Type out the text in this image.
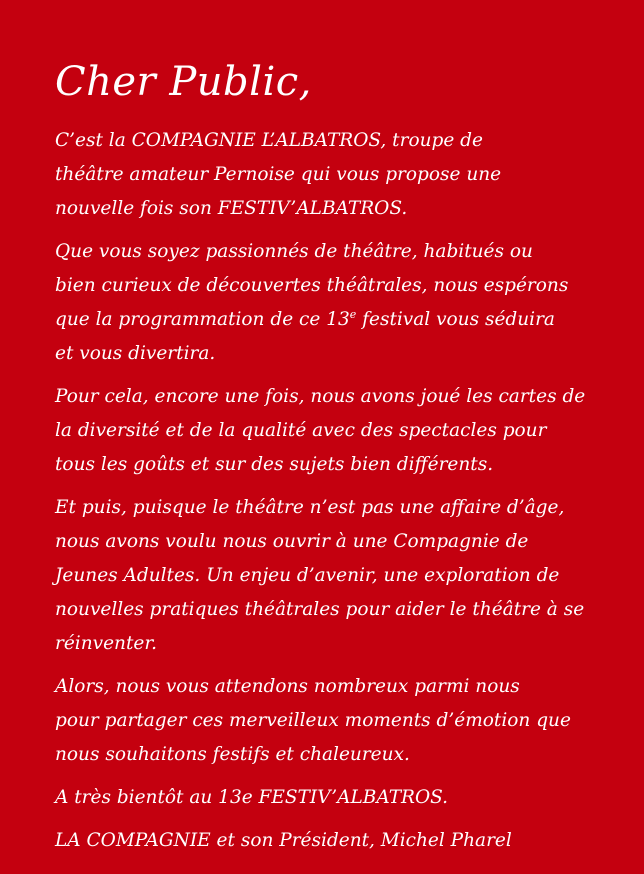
Cher Public,
C’est la COMPAGNIE L’ALBATROS, troupe de
théâtre amateur Pernoise qui vous propose une
nouvelle fois son FESTIV’ALBATROS.
Que vous soyez passionnés de théâtre, habitués ou
bien curieux de découvertes théâtrales, nous espérons
que la programmation de ce 13e festival vous séduira
et vous divertira.
Pour cela, encore une fois, nous avons joué les cartes de
la diversité et de la qualité avec des spectacles pour
tous les goûts et sur des sujets bien différents.
Et puis, puisque le théâtre n’est pas une affaire d’âge,
nous avons voulu nous ouvrir à une Compagnie de
Jeunes Adultes. Un enjeu d’avenir, une exploration de
nouvelles pratiques théâtrales pour aider le théâtre à se
réinventer.
Alors, nous vous attendons nombreux parmi nous
pour partager ces merveilleux moments d’émotion que
nous souhaitons festifs et chaleureux.
A très bientôt au 13e FESTIV’ALBATROS.
LA COMPAGNIE et son Président, Michel Pharel
